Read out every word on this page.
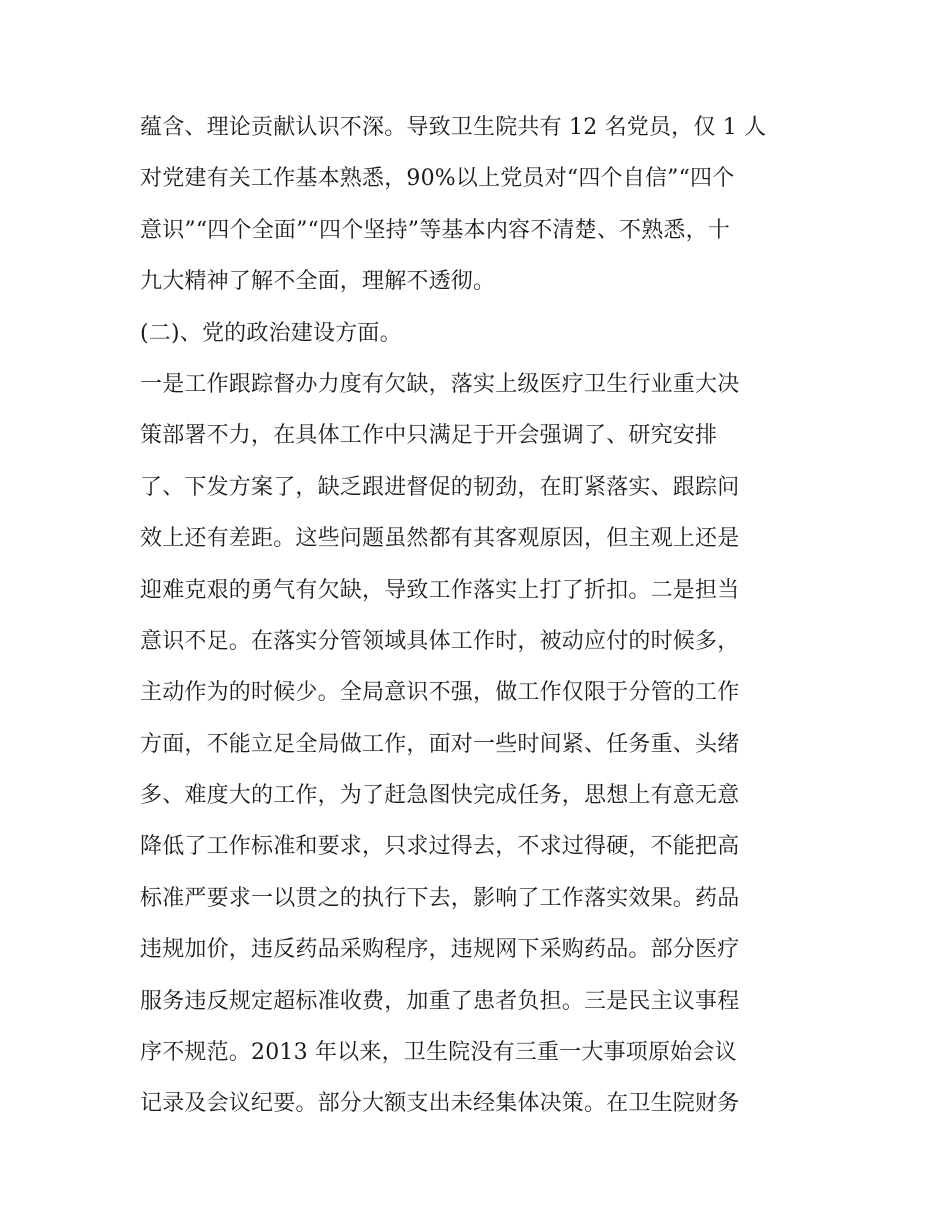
蕴含、理论贡献认识不深。导致卫生院共有 12 名党员，仅 1 人
对党建有关工作基本熟悉，90%以上党员对“四个自信”“四个
意识”“四个全面”“四个坚持”等基本内容不清楚、不熟悉，十
九大精神了解不全面，理解不透彻。
(二)、党的政治建设方面。
一是工作跟踪督办力度有欠缺，落实上级医疗卫生行业重大决
策部署不力，在具体工作中只满足于开会强调了、研究安排
了、下发方案了，缺乏跟进督促的韧劲，在盯紧落实、跟踪问
效上还有差距。这些问题虽然都有其客观原因，但主观上还是
迎难克艰的勇气有欠缺，导致工作落实上打了折扣。二是担当
意识不足。在落实分管领域具体工作时，被动应付的时候多，
主动作为的时候少。全局意识不强，做工作仅限于分管的工作
方面，不能立足全局做工作，面对一些时间紧、任务重、头绪
多、难度大的工作，为了赶急图快完成任务，思想上有意无意
降低了工作标准和要求，只求过得去，不求过得硬，不能把高
标准严要求一以贯之的执行下去，影响了工作落实效果。药品
违规加价，违反药品采购程序，违规网下采购药品。部分医疗
服务违反规定超标准收费，加重了患者负担。三是民主议事程
序不规范。2013 年以来，卫生院没有三重一大事项原始会议
记录及会议纪要。部分大额支出未经集体决策。在卫生院财务
